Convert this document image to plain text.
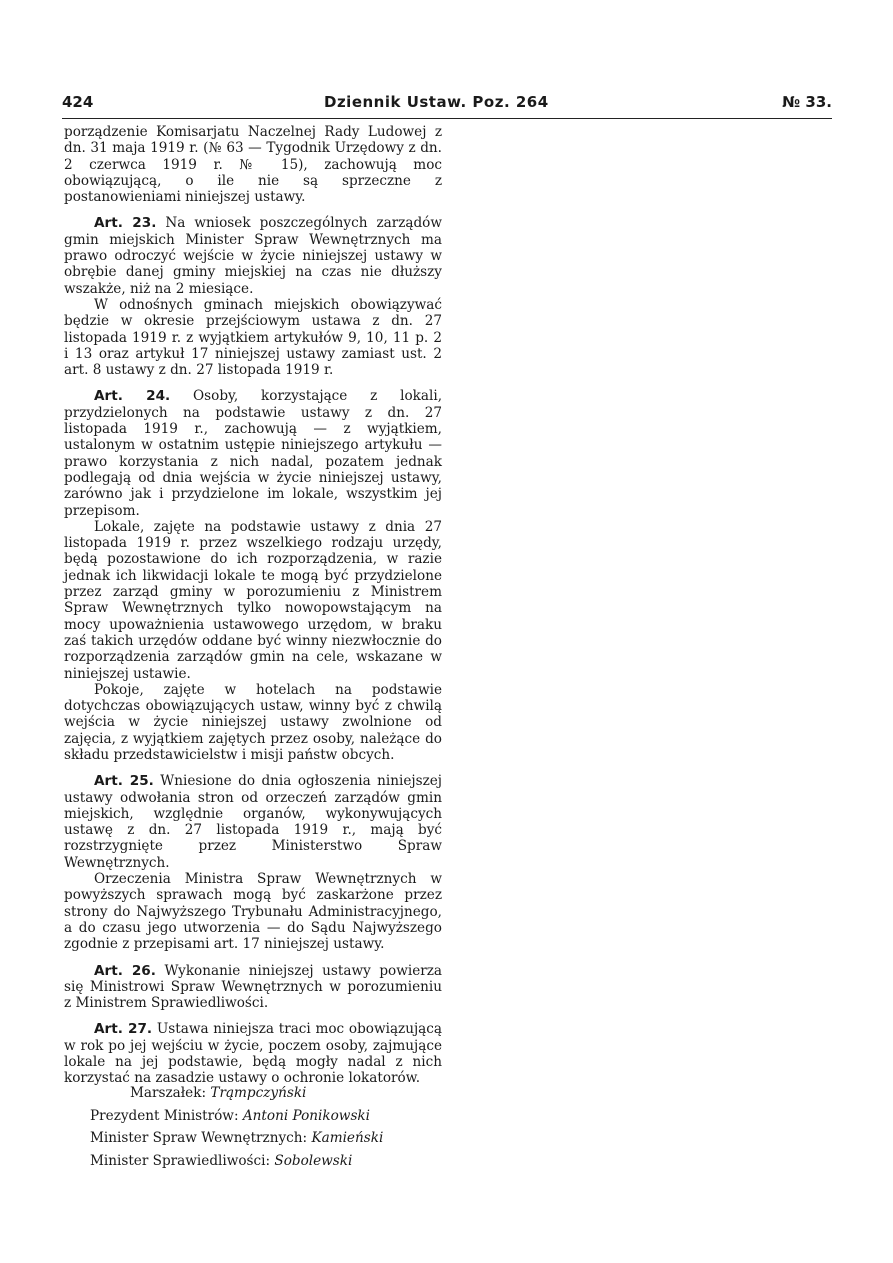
424	Dziennik Ustaw. Poz. 264	№ 33.

porządzenie Komisarjatu Naczelnej Rady Ludowej z dn. 31 maja 1919 r. (№ 63 — Tygodnik Urzędowy z dn. 2 czerwca 1919 r. № 15), zachowują moc obowiązującą, o ile nie są sprzeczne z postanowieniami niniejszej ustawy.

Art. 23. Na wniosek poszczególnych zarządów gmin miejskich Minister Spraw Wewnętrznych ma prawo odroczyć wejście w życie niniejszej ustawy w obrębie danej gminy miejskiej na czas nie dłuższy wszakże, niż na 2 miesiące.

W odnośnych gminach miejskich obowiązywać będzie w okresie przejściowym ustawa z dn. 27 listopada 1919 r. z wyjątkiem artykułów 9, 10, 11 p. 2 i 13 oraz artykuł 17 niniejszej ustawy zamiast ust. 2 art. 8 ustawy z dn. 27 listopada 1919 r.

Art. 24. Osoby, korzystające z lokali, przydzielonych na podstawie ustawy z dn. 27 listopada 1919 r., zachowują — z wyjątkiem, ustalonym w ostatnim ustępie niniejszego artykułu — prawo korzystania z nich nadal, pozatem jednak podlegają od dnia wejścia w życie niniejszej ustawy, zarówno jak i przydzielone im lokale, wszystkim jej przepisom.

Lokale, zajęte na podstawie ustawy z dnia 27 listopada 1919 r. przez wszelkiego rodzaju urzędy, będą pozostawione do ich rozporządzenia, w razie jednak ich likwidacji lokale te mogą być przydzielone przez zarząd gminy w porozumieniu z Ministrem Spraw Wewnętrznych tylko nowopowstającym na mocy upoważnienia ustawowego urzędom, w braku zaś takich urzędów oddane być winny niezwłocznie do rozporządzenia zarządów gmin na cele, wskazane w niniejszej ustawie.

Pokoje, zajęte w hotelach na podstawie dotychczas obowiązujących ustaw, winny być z chwilą wejścia w życie niniejszej ustawy zwolnione od zajęcia, z wyjątkiem zajętych przez osoby, należące do składu przedstawicielstw i misji państw obcych.

Art. 25. Wniesione do dnia ogłoszenia niniejszej ustawy odwołania stron od orzeczeń zarządów gmin miejskich, względnie organów, wykonywujących ustawę z dn. 27 listopada 1919 r., mają być rozstrzygnięte przez Ministerstwo Spraw Wewnętrznych.

Orzeczenia Ministra Spraw Wewnętrznych w powyższych sprawach mogą być zaskarżone przez strony do Najwyższego Trybunału Administracyjnego, a do czasu jego utworzenia — do Sądu Najwyższego zgodnie z przepisami art. 17 niniejszej ustawy.

Art. 26. Wykonanie niniejszej ustawy powierza się Ministrowi Spraw Wewnętrznych w porozumieniu z Ministrem Sprawiedliwości.

Art. 27. Ustawa niniejsza traci moc obowiązującą w rok po jej wejściu w życie, poczem osoby, zajmujące lokale na jej podstawie, będą mogły nadal z nich korzystać na zasadzie ustawy o ochronie lokatorów.

Marszałek: Trąmpczyński
Prezydent Ministrów: Antoni Ponikowski
Minister Spraw Wewnętrznych: Kamieński
Minister Sprawiedliwości: Sobolewski
